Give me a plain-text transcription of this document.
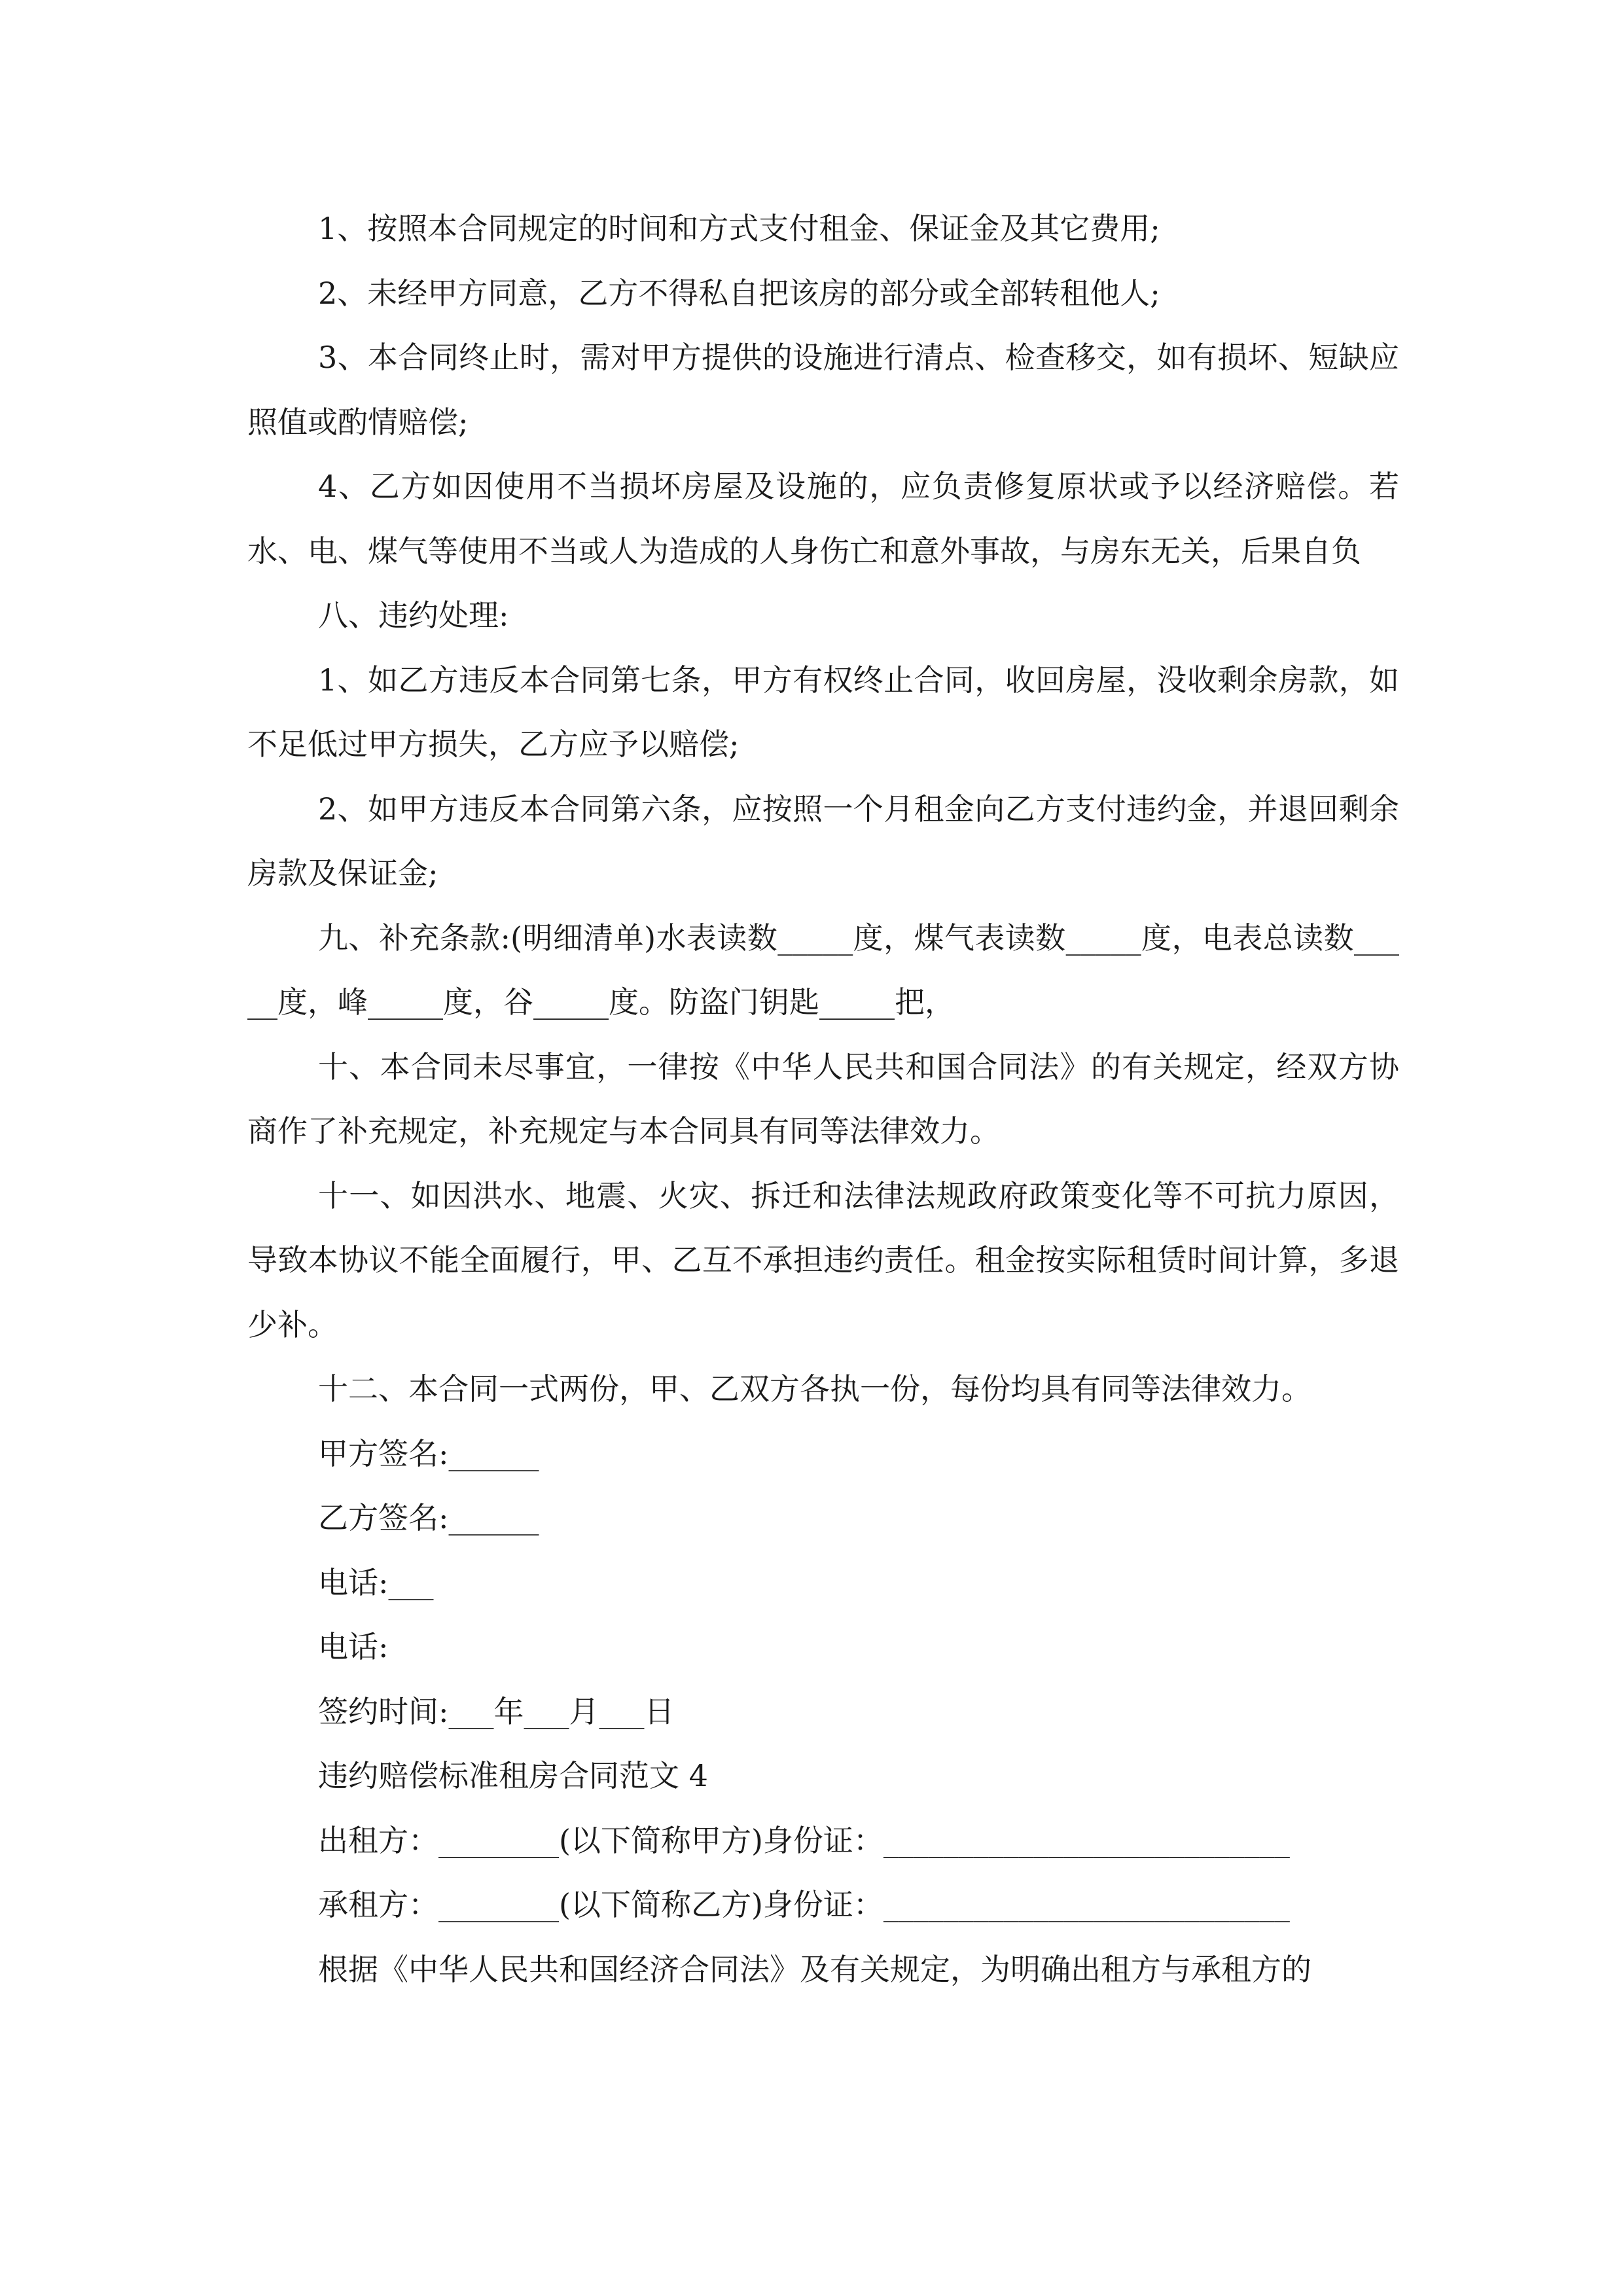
1、按照本合同规定的时间和方式支付租金、保证金及其它费用;

2、未经甲方同意，乙方不得私自把该房的部分或全部转租他人;

3、本合同终止时，需对甲方提供的设施进行清点、检查移交，如有损坏、短缺应照值或酌情赔偿;

4、乙方如因使用不当损坏房屋及设施的，应负责修复原状或予以经济赔偿。若水、电、煤气等使用不当或人为造成的人身伤亡和意外事故，与房东无关，后果自负

八、违约处理:

1、如乙方违反本合同第七条，甲方有权终止合同，收回房屋，没收剩余房款，如不足低过甲方损失，乙方应予以赔偿;

2、如甲方违反本合同第六条，应按照一个月租金向乙方支付违约金，并退回剩余房款及保证金;

九、补充条款:(明细清单)水表读数_____度，煤气表读数_____度，电表总读数_____度，峰_____度，谷_____度。防盗门钥匙_____把，

十、本合同未尽事宜，一律按《中华人民共和国合同法》的有关规定，经双方协商作了补充规定，补充规定与本合同具有同等法律效力。

十一、如因洪水、地震、火灾、拆迁和法律法规政府政策变化等不可抗力原因，导致本协议不能全面履行，甲、乙互不承担违约责任。租金按实际租赁时间计算，多退少补。

十二、本合同一式两份，甲、乙双方各执一份，每份均具有同等法律效力。

甲方签名:______

乙方签名:______

电话:___

电话:

签约时间:___年___月___日

违约赔偿标准租房合同范文 4

出租方：________(以下简称甲方)身份证：___________________________

承租方：________(以下简称乙方)身份证：___________________________

根据《中华人民共和国经济合同法》及有关规定，为明确出租方与承租方的
